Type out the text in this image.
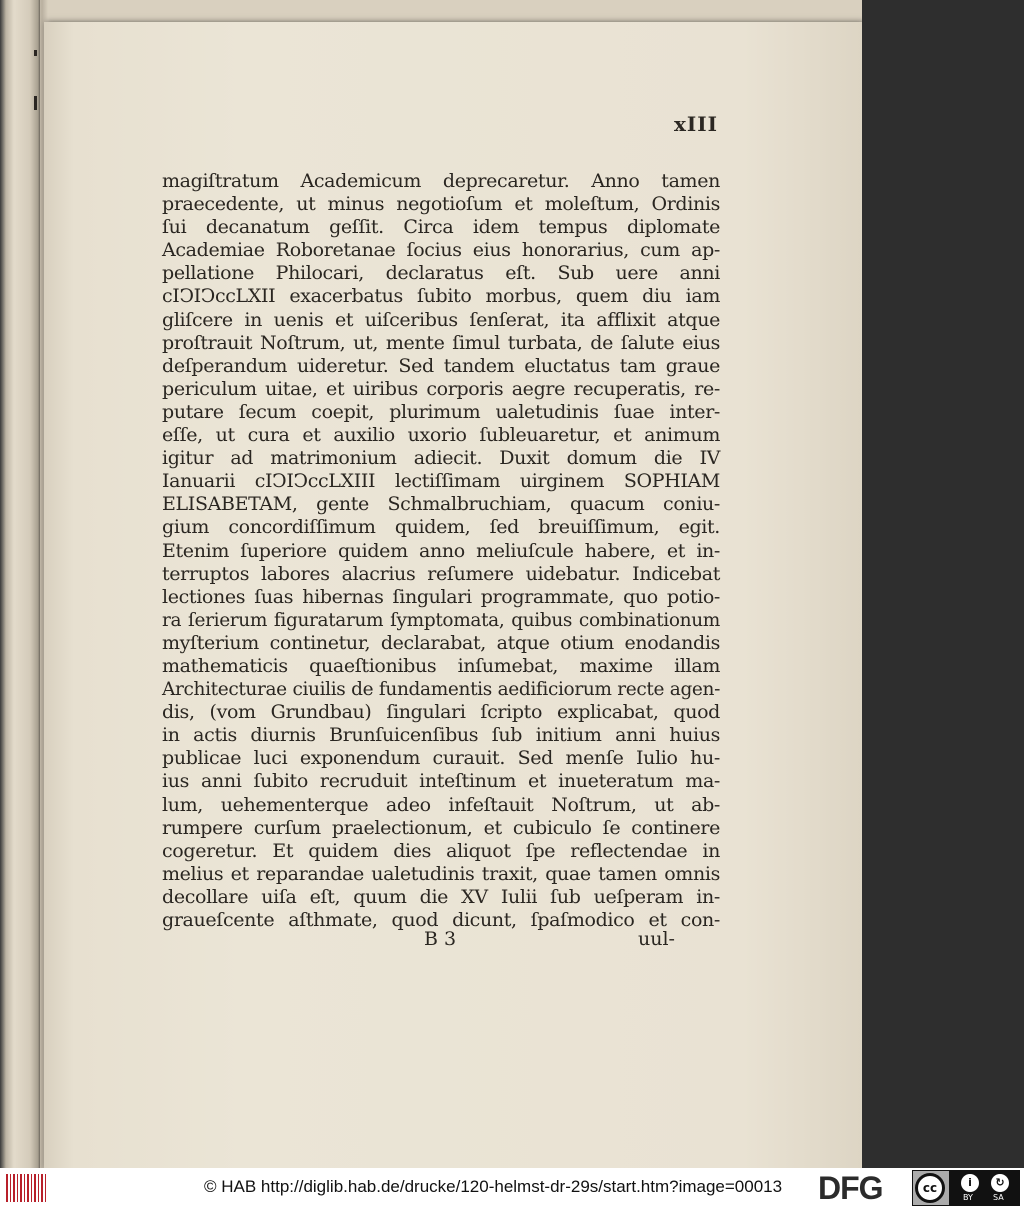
xIII
magiſtratum Academicum deprecaretur. Anno tamen
praecedente, ut minus negotioſum et moleſtum, Ordinis
ſui decanatum geſſit. Circa idem tempus diplomate
Academiae Roboretanae ſocius eius honorarius, cum ap-
pellatione Philocari, declaratus eſt. Sub uere anni
cIↃIↃccLXII exacerbatus ſubito morbus, quem diu iam
gliſcere in uenis et uiſceribus ſenſerat, ita afflixit atque
proſtrauit Noſtrum, ut, mente ſimul turbata, de ſalute eius
deſperandum uideretur. Sed tandem eluctatus tam graue
periculum uitae, et uiribus corporis aegre recuperatis, re-
putare ſecum coepit, plurimum ualetudinis ſuae inter-
eſſe, ut cura et auxilio uxorio ſubleuaretur, et animum
igitur ad matrimonium adiecit. Duxit domum die IV
Ianuarii cIↃIↃccLXIII lectiſſimam uirginem SOPHIAM
ELISABETAM, gente Schmalbruchiam, quacum coniu-
gium concordiſſimum quidem, ſed breuiſſimum, egit.
Etenim ſuperiore quidem anno meliuſcule habere, et in-
terruptos labores alacrius reſumere uidebatur. Indicebat
lectiones ſuas hibernas ſingulari programmate, quo potio-
ra ſerierum figuratarum ſymptomata, quibus combinationum
myſterium continetur, declarabat, atque otium enodandis
mathematicis quaeſtionibus inſumebat, maxime illam
Architecturae ciuilis de fundamentis aedificiorum recte agen-
dis, (vom Grundbau) ſingulari ſcripto explicabat, quod
in actis diurnis Brunſuicenſibus ſub initium anni huius
publicae luci exponendum curauit. Sed menſe Iulio hu-
ius anni ſubito recruduit inteſtinum et inueteratum ma-
lum, uehementerque adeo infeſtauit Noſtrum, ut ab-
rumpere curſum praelectionum, et cubiculo ſe continere
cogeretur. Et quidem dies aliquot ſpe reflectendae in
melius et reparandae ualetudinis traxit, quae tamen omnis
decollare uiſa eſt, quum die XV Iulii ſub ueſperam in-
graueſcente aſthmate, quod dicunt, ſpaſmodico et con-
B 3	uul-
© HAB http://diglib.hab.de/drucke/120-helmst-dr-29s/start.htm?image=00013 DFG	cc	i	↻
BY	SA
